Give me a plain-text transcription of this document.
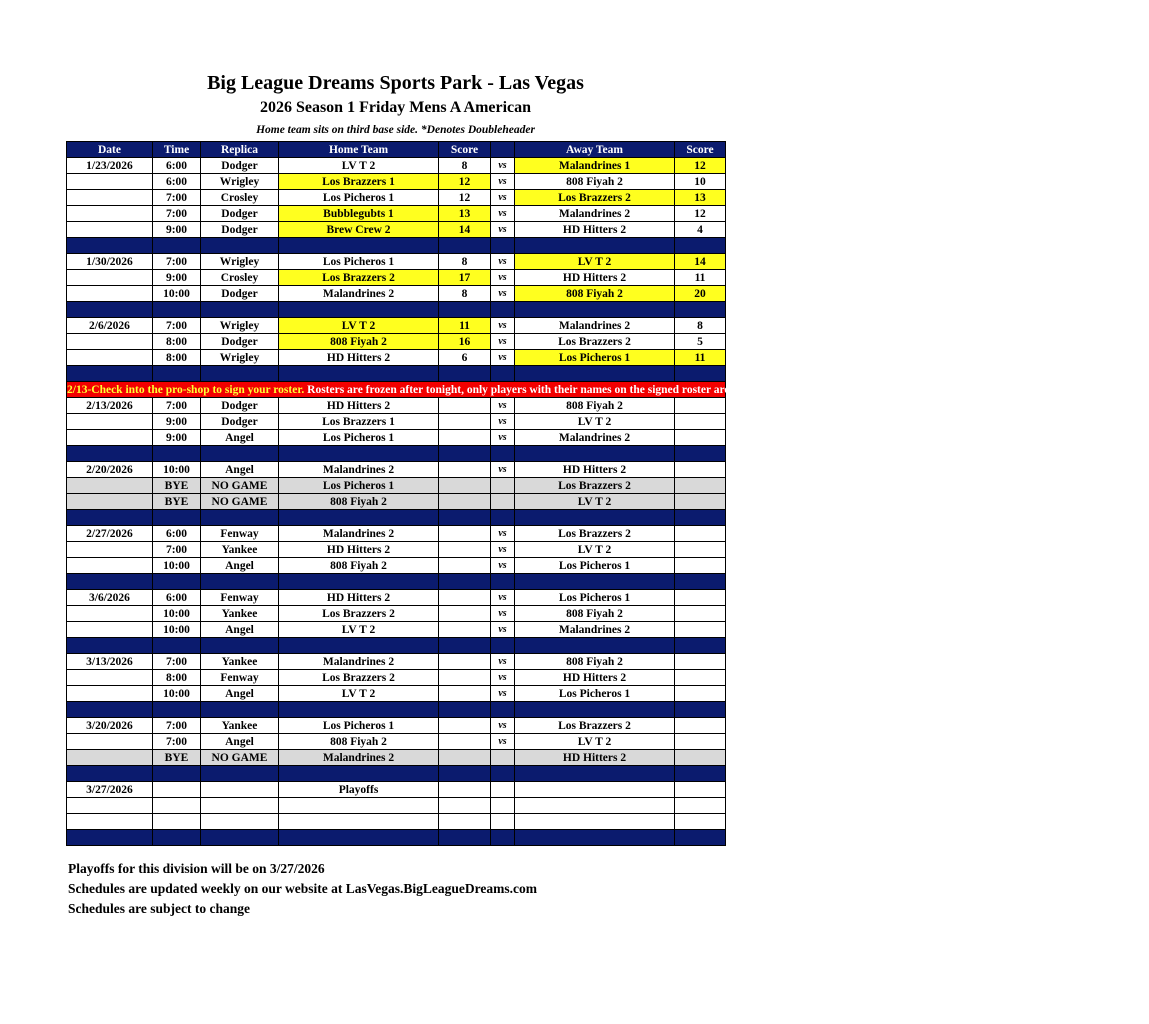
Big League Dreams Sports Park - Las Vegas
2026 Season 1 Friday Mens A American
Home team sits on third base side. *Denotes Doubleheader
Date	Time	Replica	Home Team	Score		Away Team	Score
1/23/2026	6:00	Dodger	LV T 2	8	vs	Malandrines 1	12
	6:00	Wrigley	Los Brazzers 1	12	vs	808 Fiyah 2	10
	7:00	Crosley	Los Picheros 1	12	vs	Los Brazzers 2	13
	7:00	Dodger	Bubblegubts 1	13	vs	Malandrines 2	12
	9:00	Dodger	Brew Crew 2	14	vs	HD Hitters 2	4

1/30/2026	7:00	Wrigley	Los Picheros 1	8	vs	LV T 2	14
	9:00	Crosley	Los Brazzers 2	17	vs	HD Hitters 2	11
	10:00	Dodger	Malandrines 2	8	vs	808 Fiyah 2	20

2/6/2026	7:00	Wrigley	LV T 2	11	vs	Malandrines 2	8
	8:00	Dodger	808 Fiyah 2	16	vs	Los Brazzers 2	5
	8:00	Wrigley	HD Hitters 2	6	vs	Los Picheros 1	11

2/13-Check into the pro-shop to sign your roster. Rosters are frozen after tonight, only players with their names on the signed roster are eligible for playoffs. Please check carefully as changes will not be made for omissions.							
2/13/2026	7:00	Dodger	HD Hitters 2		vs	808 Fiyah 2	
	9:00	Dodger	Los Brazzers 1		vs	LV T 2	
	9:00	Angel	Los Picheros 1		vs	Malandrines 2	

2/20/2026	10:00	Angel	Malandrines 2		vs	HD Hitters 2	
	BYE	NO GAME	Los Picheros 1			Los Brazzers 2	
	BYE	NO GAME	808 Fiyah 2			LV T 2	

2/27/2026	6:00	Fenway	Malandrines 2		vs	Los Brazzers 2	
	7:00	Yankee	HD Hitters 2		vs	LV T 2	
	10:00	Angel	808 Fiyah 2		vs	Los Picheros 1	

3/6/2026	6:00	Fenway	HD Hitters 2		vs	Los Picheros 1	
	10:00	Yankee	Los Brazzers 2		vs	808 Fiyah 2	
	10:00	Angel	LV T 2		vs	Malandrines 2	

3/13/2026	7:00	Yankee	Malandrines 2		vs	808 Fiyah 2	
	8:00	Fenway	Los Brazzers 2		vs	HD Hitters 2	
	10:00	Angel	LV T 2		vs	Los Picheros 1	

3/20/2026	7:00	Yankee	Los Picheros 1		vs	Los Brazzers 2	
	7:00	Angel	808 Fiyah 2		vs	LV T 2	
	BYE	NO GAME	Malandrines 2			HD Hitters 2	

3/27/2026			Playoffs				

Playoffs for this division will be on 3/27/2026
Schedules are updated weekly on our website at LasVegas.BigLeagueDreams.com
Schedules are subject to change
